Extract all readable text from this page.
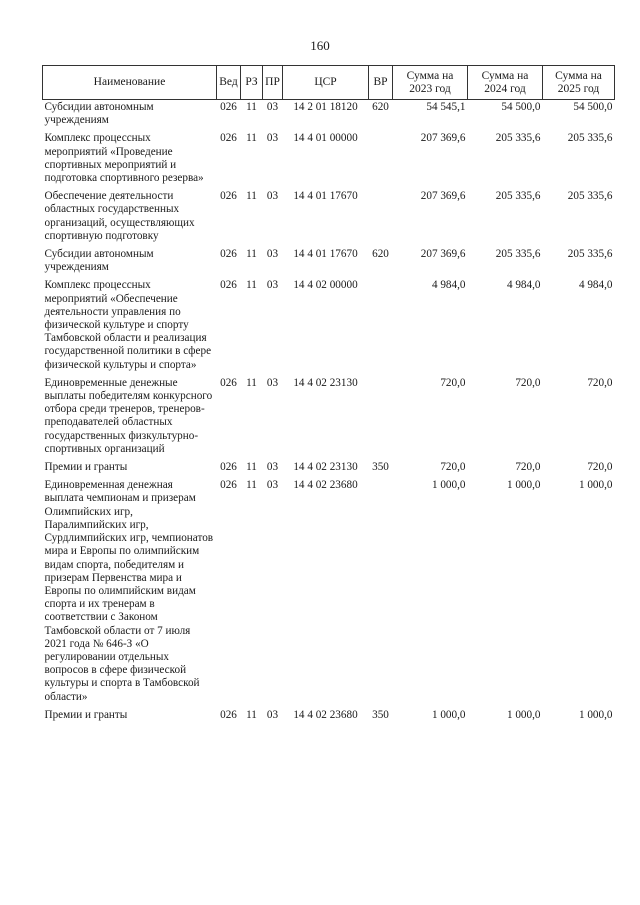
160
Наименование	Вед	РЗ	ПР	ЦСР	ВР	Сумма на 2023 год	Сумма на 2024 год	Сумма на 2025 год
Субсидии автономным учреждениям	026	11	03	14 2 01 18120	620	54 545,1	54 500,0	54 500,0
Комплекс процессных мероприятий «Проведение спортивных мероприятий и подготовка спортивного резерва»	026	11	03	14 4 01 00000		207 369,6	205 335,6	205 335,6
Обеспечение деятельности областных государственных организаций, осуществляющих спортивную подготовку	026	11	03	14 4 01 17670		207 369,6	205 335,6	205 335,6
Субсидии автономным учреждениям	026	11	03	14 4 01 17670	620	207 369,6	205 335,6	205 335,6
Комплекс процессных мероприятий «Обеспечение деятельности управления по физической культуре и спорту Тамбовской области и реализация государственной политики в сфере физической культуры и спорта»	026	11	03	14 4 02 00000		4 984,0	4 984,0	4 984,0
Единовременные денежные выплаты победителям конкурсного отбора среди тренеров, тренеров-преподавателей областных государственных физкультурно-спортивных организаций	026	11	03	14 4 02 23130		720,0	720,0	720,0
Премии и гранты	026	11	03	14 4 02 23130	350	720,0	720,0	720,0
Единовременная денежная выплата чемпионам и призерам Олимпийских игр, Паралимпийских игр, Сурдлимпийских игр, чемпионатов мира и Европы по олимпийским видам спорта, победителям и призерам Первенства мира и Европы по олимпийским видам спорта и их тренерам в соответствии с Законом Тамбовской области от 7 июля 2021 года № 646-З «О регулировании отдельных вопросов в сфере физической культуры и спорта в Тамбовской области»	026	11	03	14 4 02 23680		1 000,0	1 000,0	1 000,0
Премии и гранты	026	11	03	14 4 02 23680	350	1 000,0	1 000,0	1 000,0
